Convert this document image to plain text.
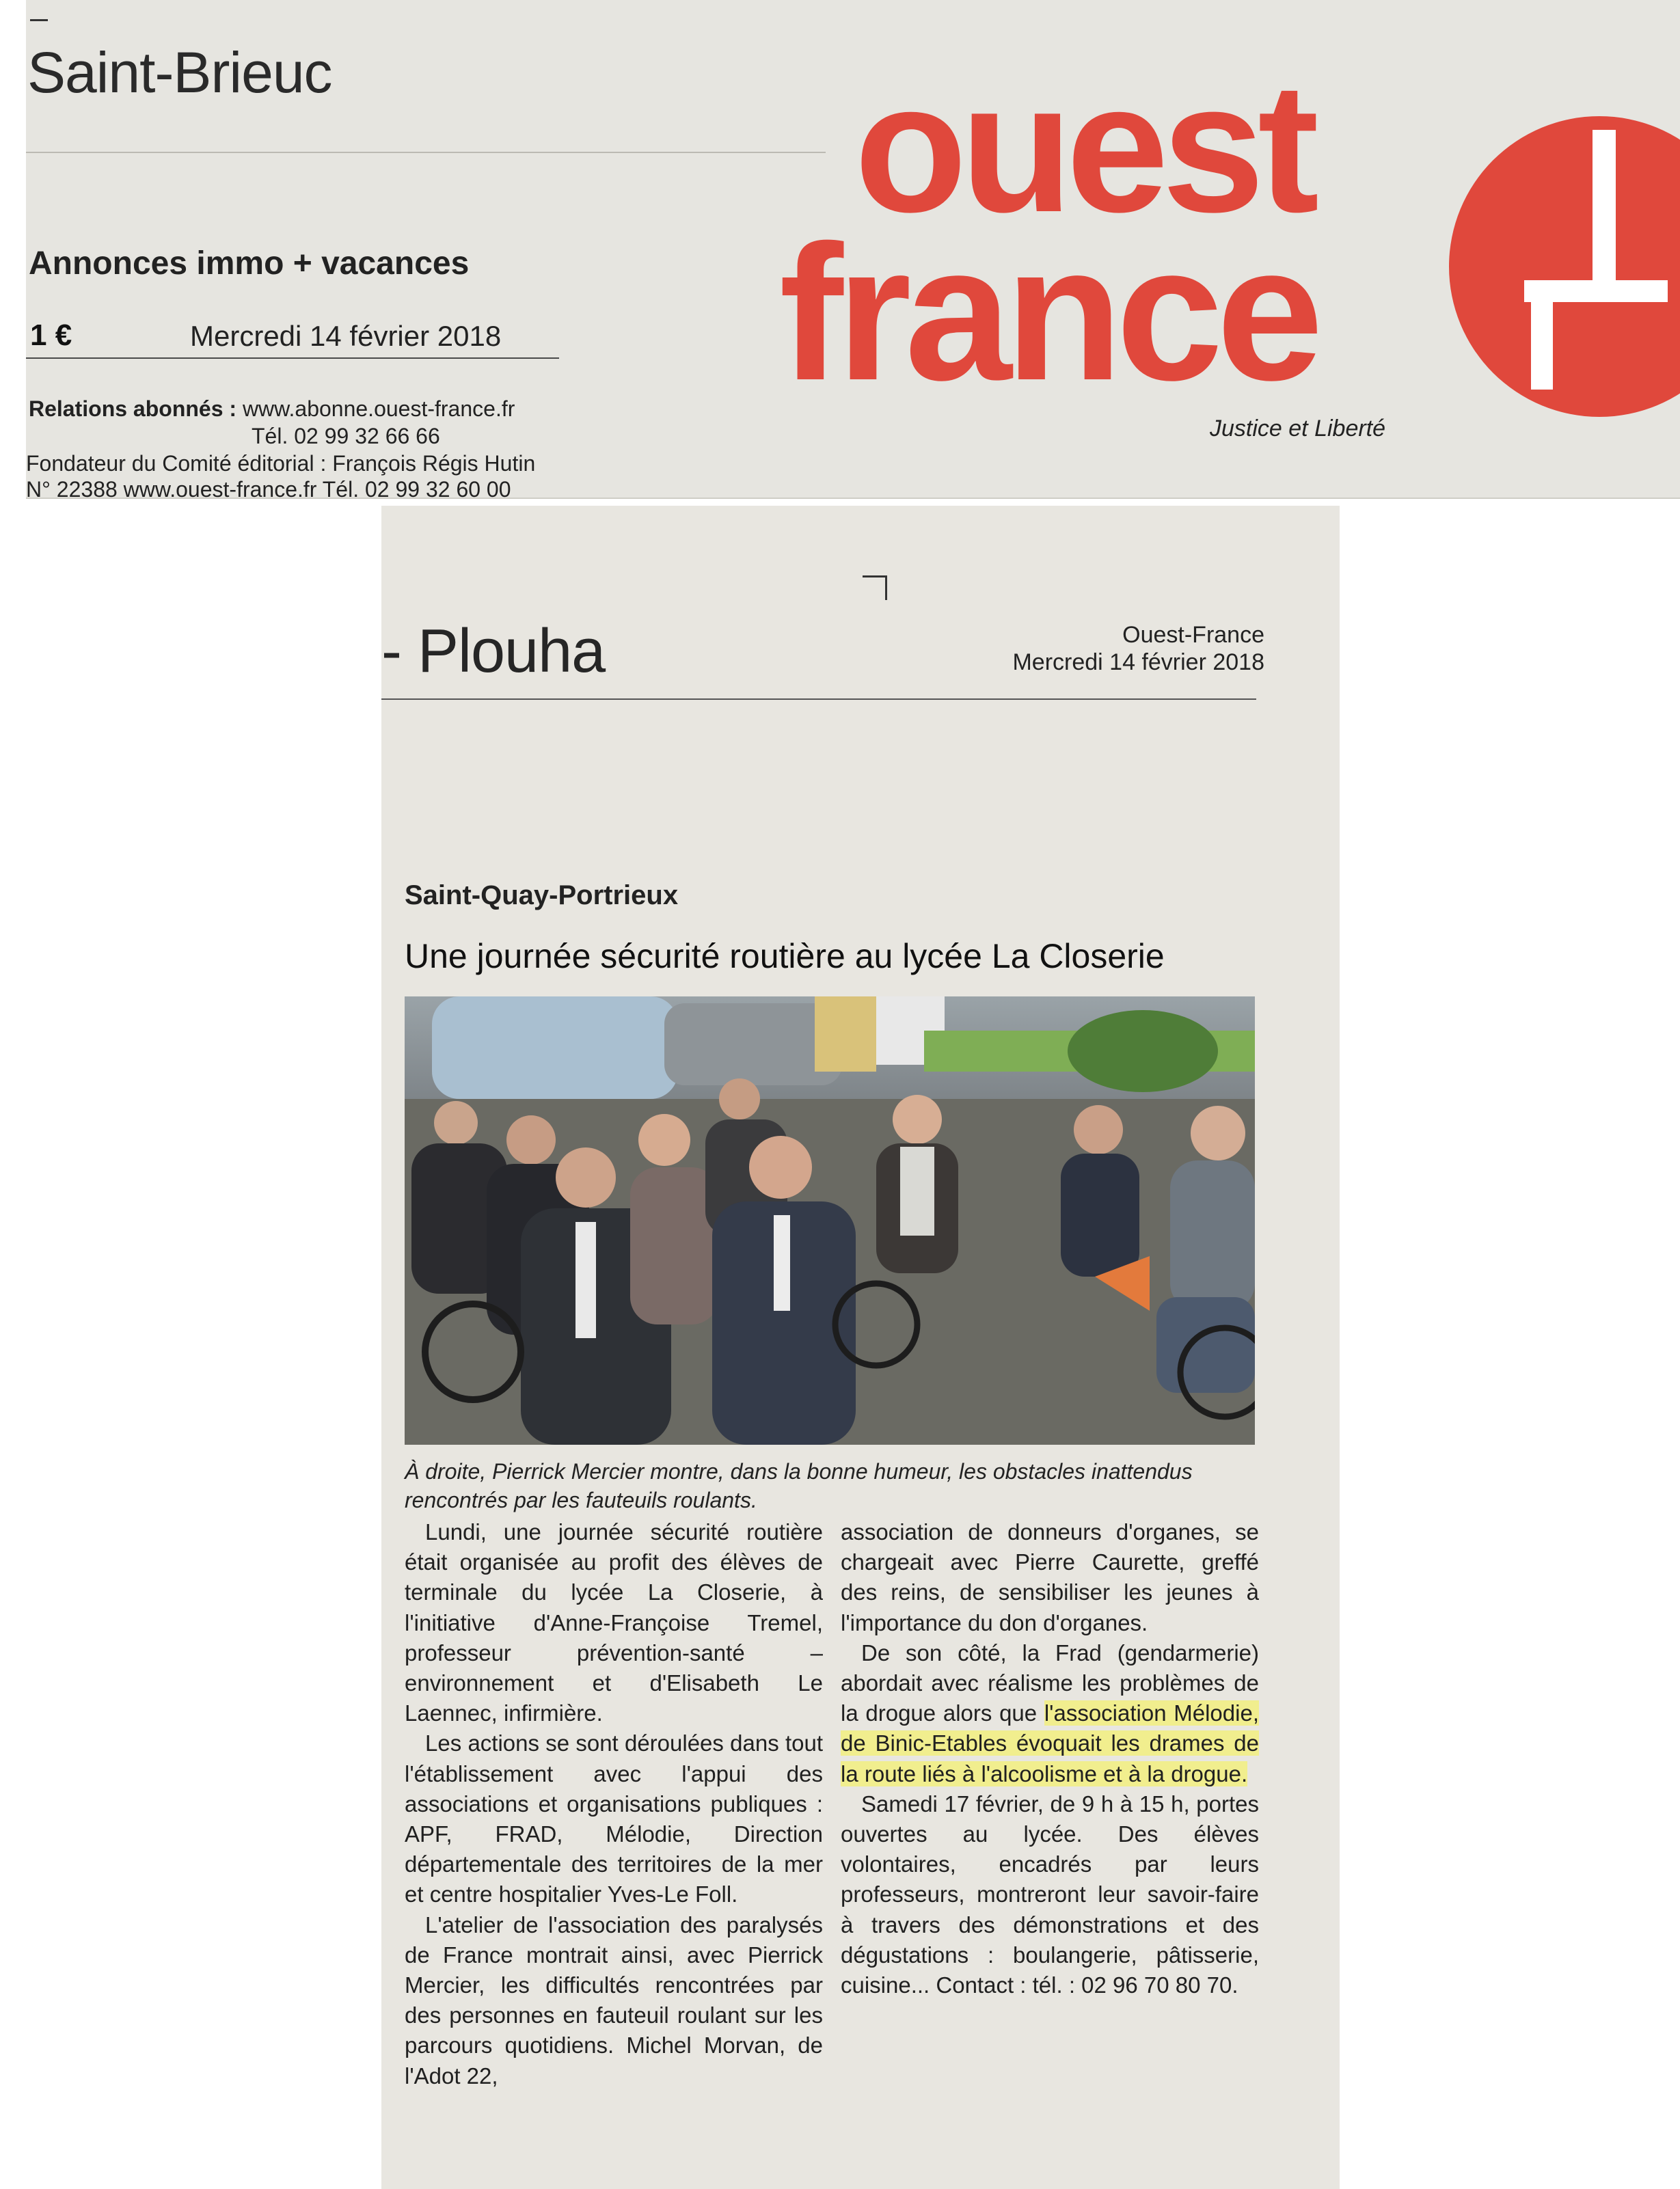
Saint-Brieuc
Annonces immo + vacances
1 €	Mercredi 14 février 2018
Relations abonnés : www.abonne.ouest-france.fr
Tél. 02 99 32 66 66
Fondateur du Comité éditorial : François Régis Hutin
N° 22388 www.ouest-france.fr Tél. 02 99 32 60 00
ouest
france
Justice et Liberté
- Plouha	Ouest-France
Mercredi 14 février 2018
Saint-Quay-Portrieux
Une journée sécurité routière au lycée La Closerie
À droite, Pierrick Mercier montre, dans la bonne humeur, les obstacles inattendus rencontrés par les fauteuils roulants.

Lundi, une journée sécurité routière était organisée au profit des élèves de terminale du lycée La Closerie, à l'initiative d'Anne-Françoise Tremel, professeur prévention-santé – environnement et d'Elisabeth Le Laennec, infirmière.

Les actions se sont déroulées dans tout l'établissement avec l'appui des associations et organisations publiques : APF, FRAD, Mélodie, Direction départementale des territoires de la mer et centre hospitalier Yves-Le Foll.

L'atelier de l'association des paralysés de France montrait ainsi, avec Pierrick Mercier, les difficultés rencontrées par des personnes en fauteuil roulant sur les parcours quotidiens. Michel Morvan, de l'Adot 22,

association de donneurs d'organes, se chargeait avec Pierre Caurette, greffé des reins, de sensibiliser les jeunes à l'importance du don d'organes.

De son côté, la Frad (gendarmerie) abordait avec réalisme les problèmes de la drogue alors que l'association Mélodie, de Binic-Etables évoquait les drames de la route liés à l'alcoolisme et à la drogue.

Samedi 17 février, de 9 h à 15 h, portes ouvertes au lycée. Des élèves volontaires, encadrés par leurs professeurs, montreront leur savoir-faire à travers des démonstrations et des dégustations : boulangerie, pâtisserie, cuisine... Contact : tél. : 02 96 70 80 70.
